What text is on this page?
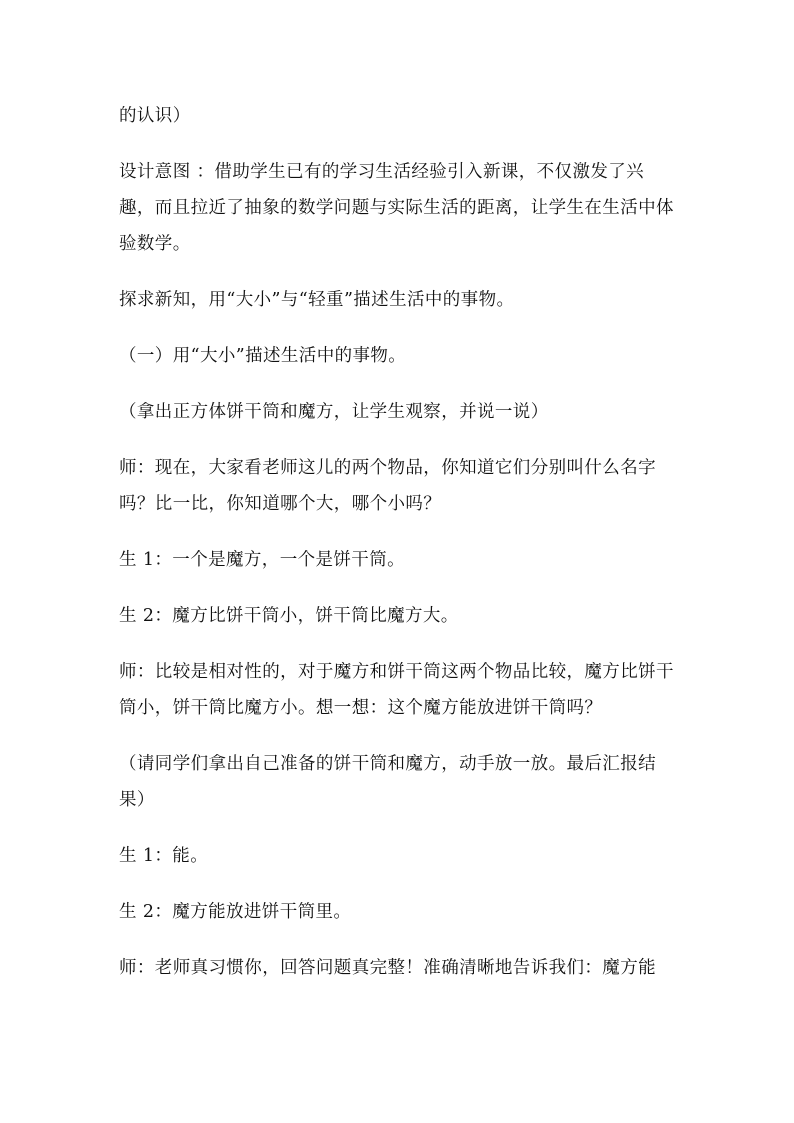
的认识）

设计意图 ：借助学生已有的学习生活经验引入新课，不仅激发了兴趣，而且拉近了抽象的数学问题与实际生活的距离，让学生在生活中体验数学。

探求新知，用“大小”与“轻重”描述生活中的事物。

（一）用“大小”描述生活中的事物。

（拿出正方体饼干筒和魔方，让学生观察，并说一说）

师：现在，大家看老师这儿的两个物品，你知道它们分别叫什么名字吗？比一比，你知道哪个大，哪个小吗？

生 1：一个是魔方，一个是饼干筒。

生 2：魔方比饼干筒小，饼干筒比魔方大。

师：比较是相对性的，对于魔方和饼干筒这两个物品比较，魔方比饼干筒小，饼干筒比魔方小。想一想：这个魔方能放进饼干筒吗？

（请同学们拿出自己准备的饼干筒和魔方，动手放一放。最后汇报结果）

生 1：能。

生 2：魔方能放进饼干筒里。

师：老师真习惯你，回答问题真完整！准确清晰地告诉我们：魔方能
